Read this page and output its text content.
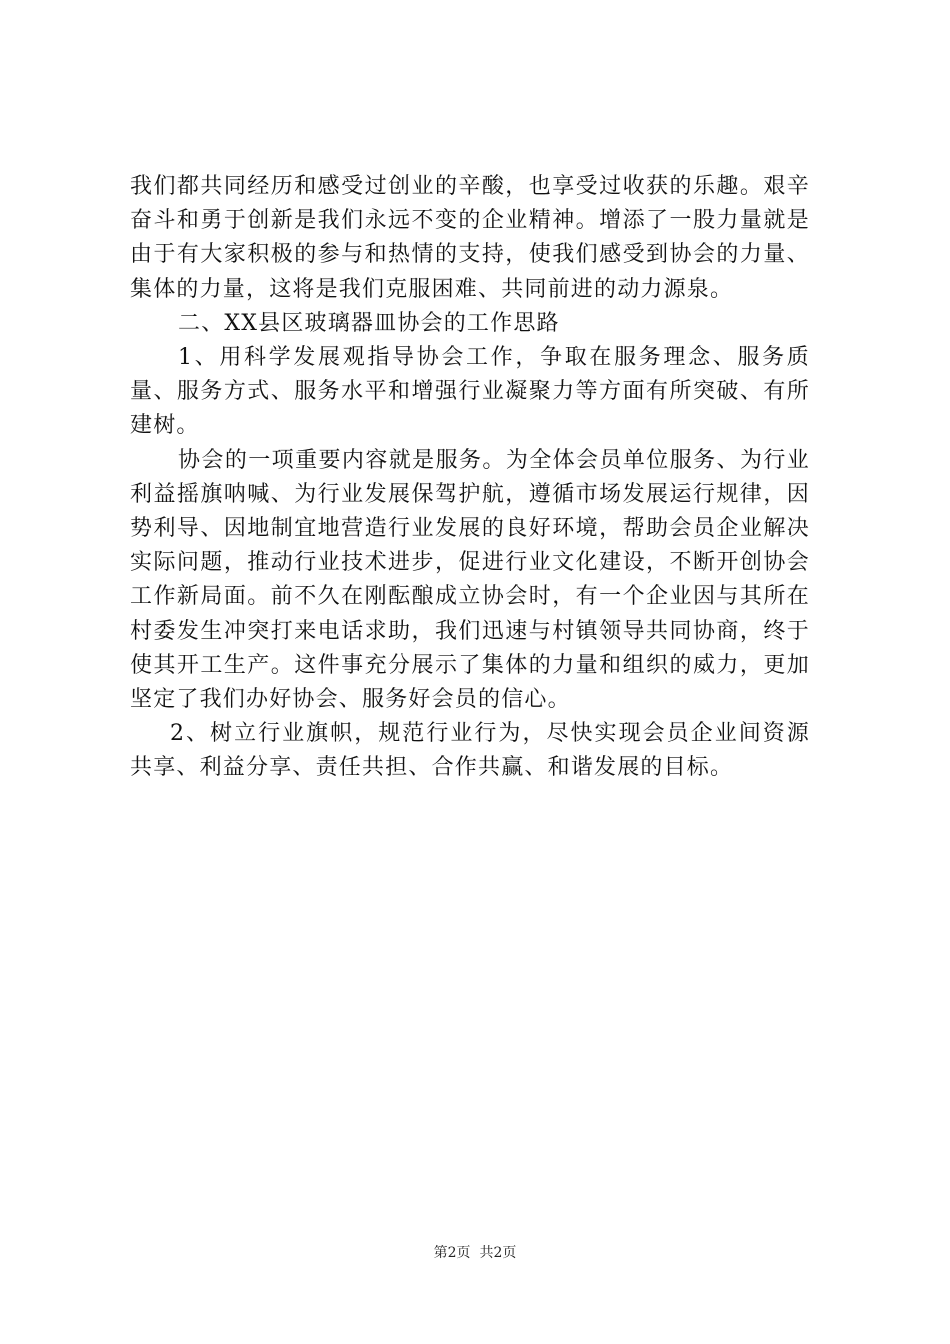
我们都共同经历和感受过创业的辛酸，也享受过收获的乐趣。艰辛奋斗和勇于创新是我们永远不变的企业精神。增添了一股力量就是由于有大家积极的参与和热情的支持，使我们感受到协会的力量、集体的力量，这将是我们克服困难、共同前进的动力源泉。

二、XX县区玻璃器皿协会的工作思路

1、用科学发展观指导协会工作，争取在服务理念、服务质量、服务方式、服务水平和增强行业凝聚力等方面有所突破、有所建树。

协会的一项重要内容就是服务。为全体会员单位服务、为行业利益摇旗呐喊、为行业发展保驾护航，遵循市场发展运行规律，因势利导、因地制宜地营造行业发展的良好环境，帮助会员企业解决实际问题，推动行业技术进步，促进行业文化建设，不断开创协会工作新局面。前不久在刚酝酿成立协会时，有一个企业因与其所在村委发生冲突打来电话求助，我们迅速与村镇领导共同协商，终于使其开工生产。这件事充分展示了集体的力量和组织的威力，更加坚定了我们办好协会、服务好会员的信心。

2、树立行业旗帜，规范行业行为，尽快实现会员企业间资源共享、利益分享、责任共担、合作共赢、和谐发展的目标。

第2页  共2页
